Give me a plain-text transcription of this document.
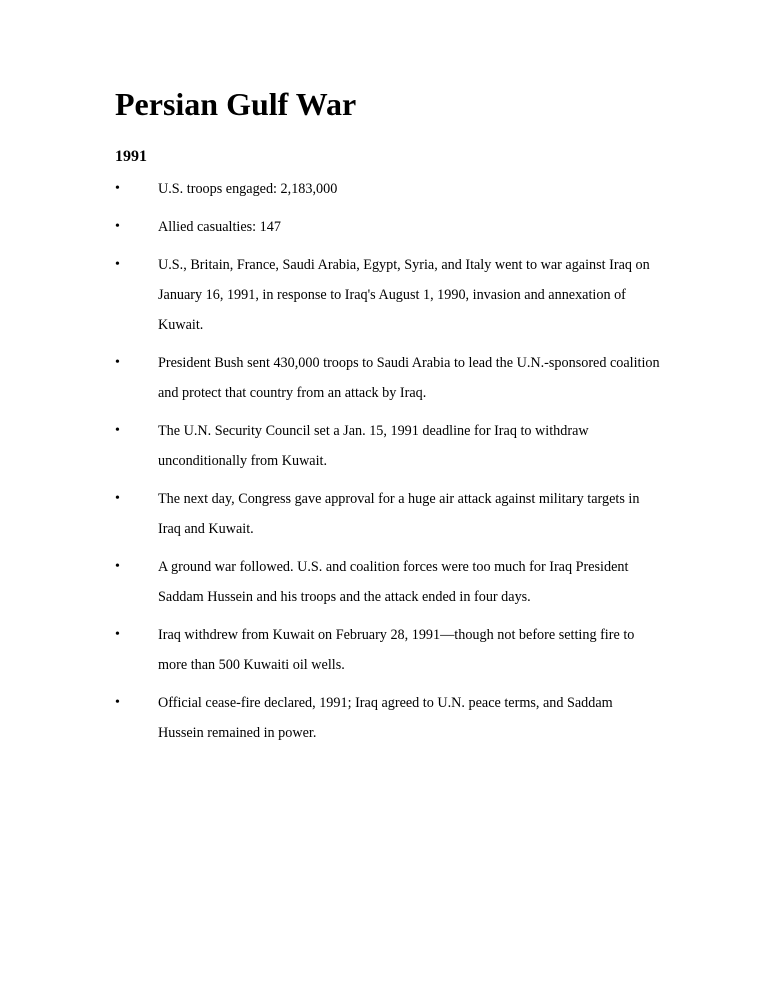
Persian Gulf War
1991
•	U.S. troops engaged: 2,183,000
•	Allied casualties: 147
•	U.S., Britain, France, Saudi Arabia, Egypt, Syria, and Italy went to war against Iraq on January 16, 1991, in response to Iraq's August 1, 1990, invasion and annexation of Kuwait.
•	President Bush sent 430,000 troops to Saudi Arabia to lead the U.N.-sponsored coalition and protect that country from an attack by Iraq.
•	The U.N. Security Council set a Jan. 15, 1991 deadline for Iraq to withdraw unconditionally from Kuwait.
•	The next day, Congress gave approval for a huge air attack against military targets in Iraq and Kuwait.
•	A ground war followed. U.S. and coalition forces were too much for Iraq President Saddam Hussein and his troops and the attack ended in four days.
•	Iraq withdrew from Kuwait on February 28, 1991—though not before setting fire to more than 500 Kuwaiti oil wells.
•	Official cease-fire declared, 1991; Iraq agreed to U.N. peace terms, and Saddam Hussein remained in power.
